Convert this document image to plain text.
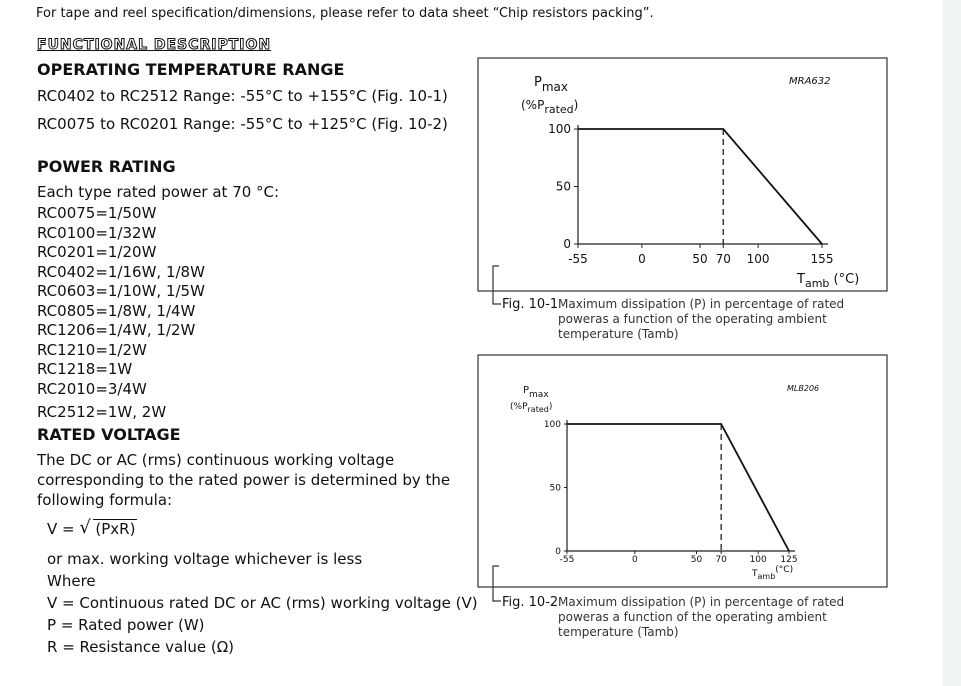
For tape and reel specification/dimensions, please refer to data sheet “Chip resistors packing”.
FUNCTIONAL DESCRIPTION
OPERATING TEMPERATURE RANGE
RC0402 to RC2512 Range: -55°C to +155°C (Fig. 10-1)
RC0075 to RC0201 Range: -55°C to +125°C (Fig. 10-2)
POWER RATING
Each type rated power at 70 °C:
RC0075=1/50W
RC0100=1/32W
RC0201=1/20W
RC0402=1/16W, 1/8W
RC0603=1/10W, 1/5W
RC0805=1/8W, 1/4W
RC1206=1/4W, 1/2W
RC1210=1/2W
RC1218=1W
RC2010=3/4W
RC2512=1W, 2W
RATED VOLTAGE
The DC or AC (rms) continuous working voltage
corresponding to the rated power is determined by the
following formula:
V = √ (PxR)
or max. working voltage whichever is less
Where
V = Continuous rated DC or AC (rms) working voltage (V)
P = Rated power (W)
R = Resistance value (Ω)
MRA632
Pmax
(%Prated)
0
50
100
-55	0	50 70 100	155
$T_{amb}$ (°C)
Fig. 10-1 Maximum dissipation (P) in percentage of rated
poweras a function of the operating ambient
temperature (Tamb)
MLB206
Pmax
(%Prated)
0
50
100
-55	0	50 70	100 125
Tamb(°C)
Fig. 10-2 Maximum dissipation (P) in percentage of rated
poweras a function of the operating ambient
temperature (Tamb)
